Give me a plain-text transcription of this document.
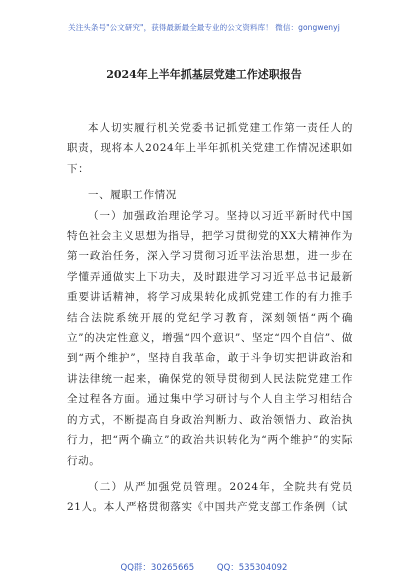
关注头条号"公文研究"，获得最新最全最专业的公文资料库！ 微信：gongwenyj
2024年上半年抓基层党建工作述职报告

本人切实履行机关党委书记抓党建工作第一责任人的职责，现将本人2024年上半年抓机关党建工作情况述职如下：

一、履职工作情况

（一）加强政治理论学习。坚持以习近平新时代中国特色社会主义思想为指导，把学习贯彻党的XX大精神作为第一政治任务，深入学习贯彻习近平法治思想，进一步在学懂弄通做实上下功夫，及时跟进学习习近平总书记最新重要讲话精神，将学习成果转化成抓党建工作的有力推手结合法院系统开展的党纪学习教育，深刻领悟“两个确立”的决定性意义，增强“四个意识”、坚定“四个自信”、做到“两个维护”，坚持自我革命，敢于斗争切实把讲政治和讲法律统一起来，确保党的领导贯彻到人民法院党建工作全过程各方面。通过集中学习研讨与个人自主学习相结合的方式，不断提高自身政治判断力、政治领悟力、政治执行力，把“两个确立”的政治共识转化为“两个维护”的实际行动。

（二）从严加强党员管理。2024年，全院共有党员21人。本人严格贯彻落实《中国共产党支部工作条例（试

QQ群：30265665	QQ：535304092
